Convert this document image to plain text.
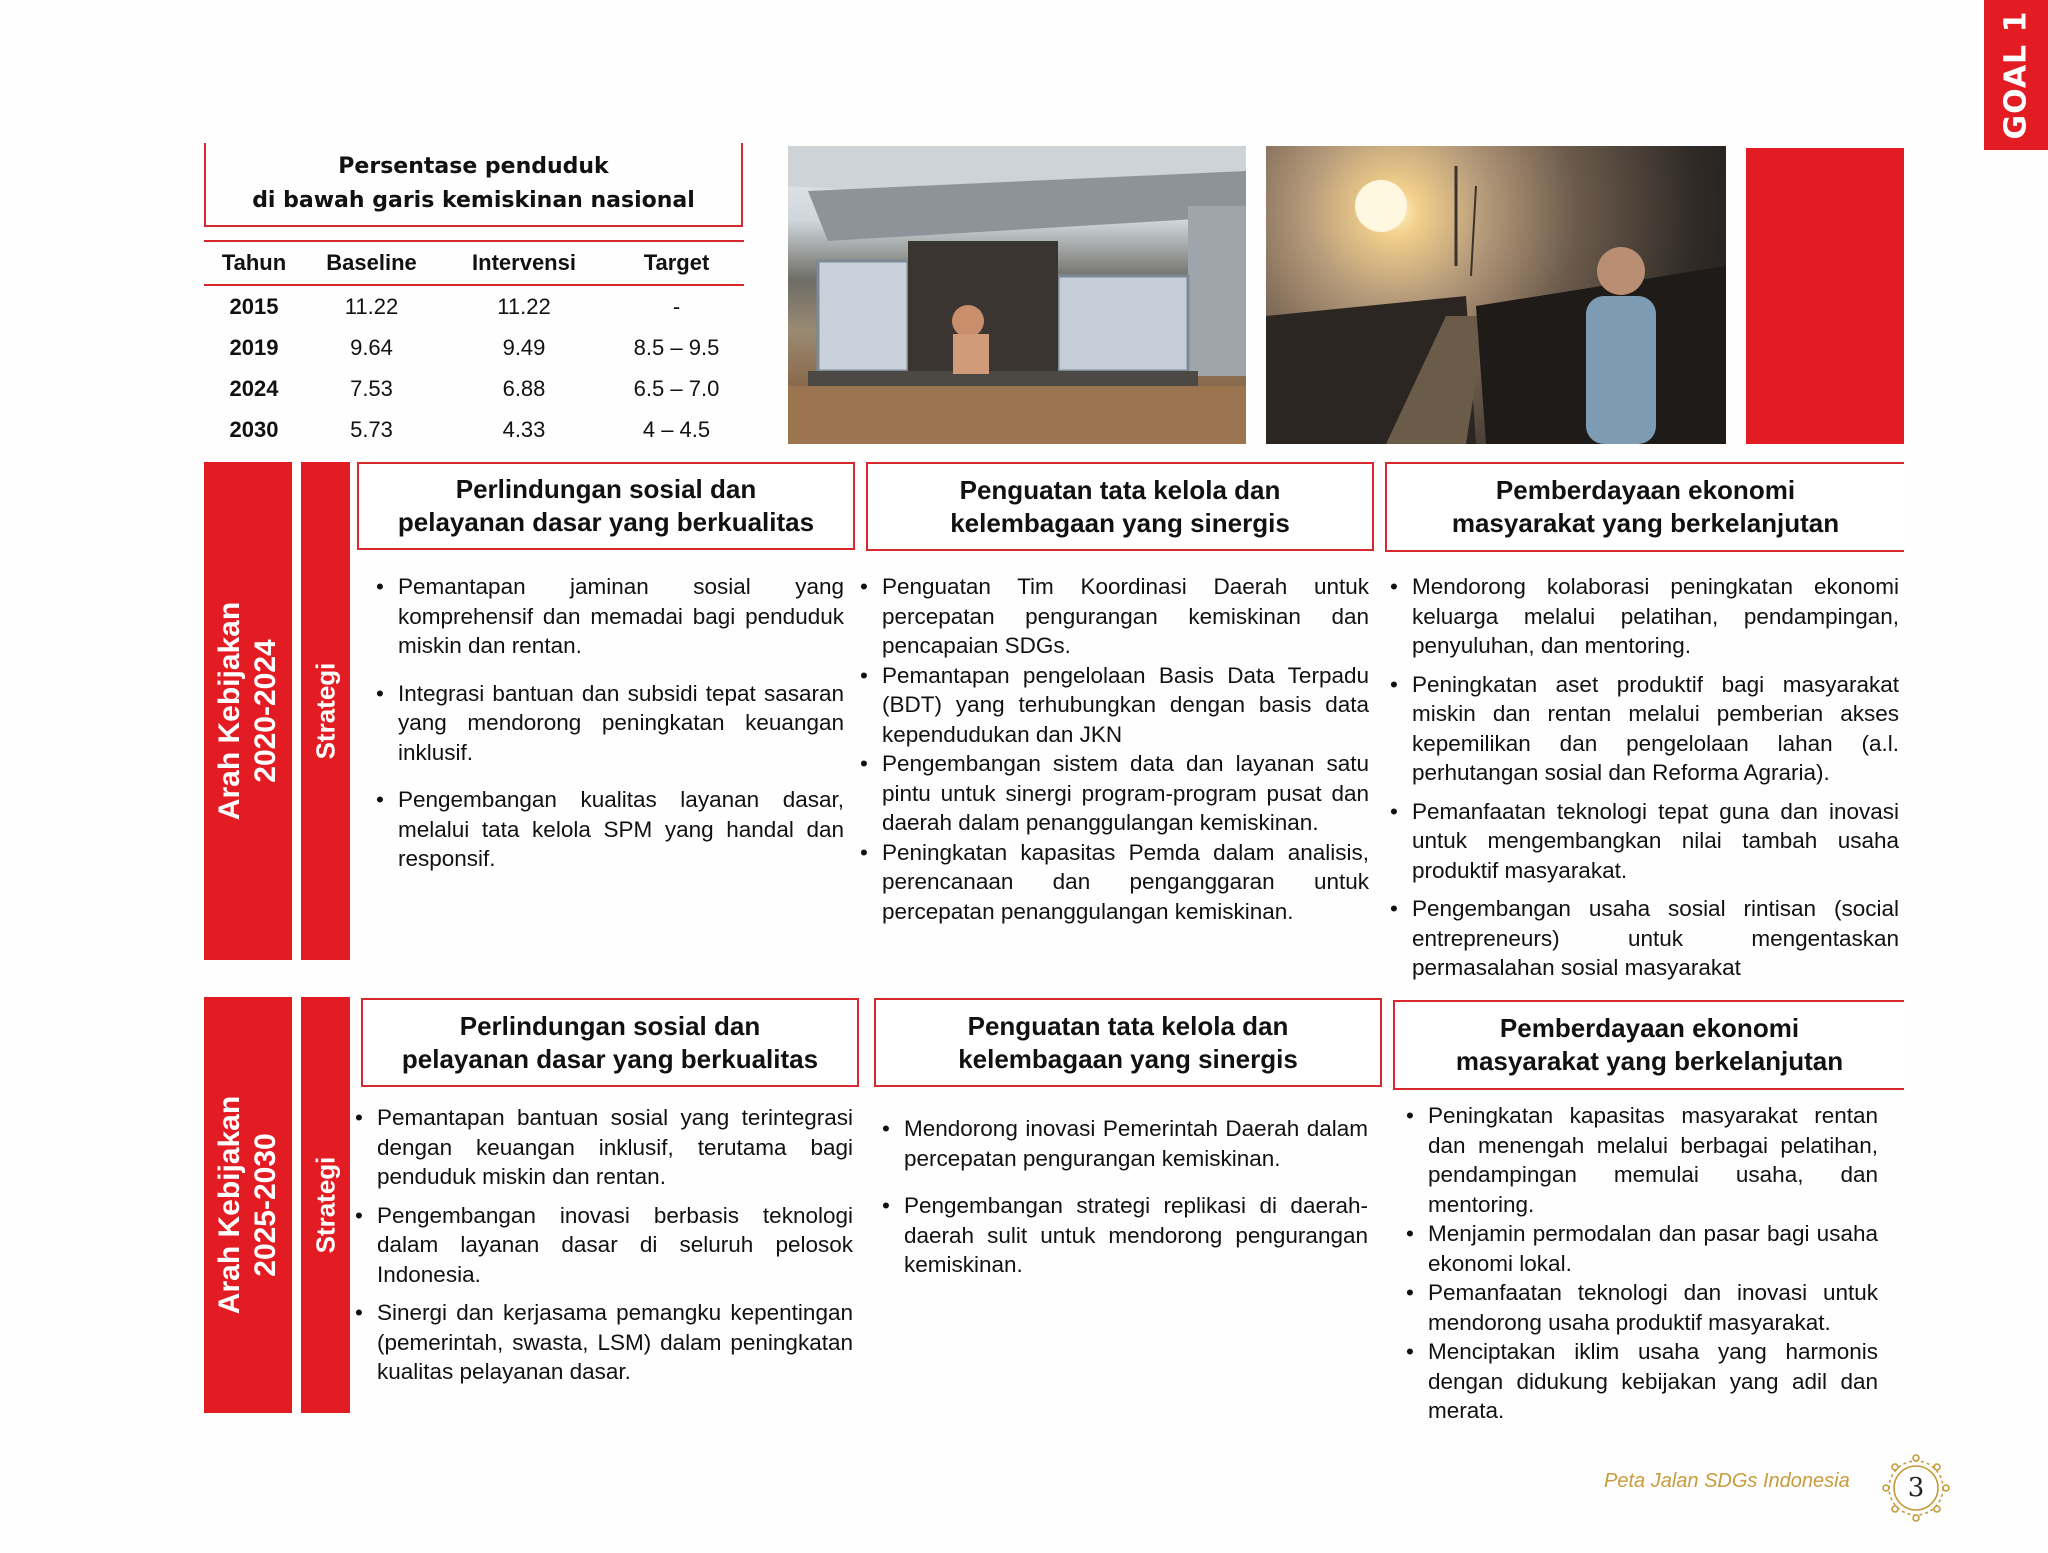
GOAL 1
Persentase penduduk
di bawah garis kemiskinan nasional
Tahun	Baseline	Intervensi	Target
2015	11.22	11.22	-
2019	9.64	9.49	8.5 – 9.5
2024	7.53	6.88	6.5 – 7.0
2030	5.73	4.33	4 – 4.5
Arah Kebijakan 2020-2024 Strategi
Perlindungan sosial dan
pelayanan dasar yang berkualitas
Penguatan tata kelola dan
kelembagaan yang sinergis
Pemberdayaan ekonomi
masyarakat yang berkelanjutan
• Pemantapan jaminan sosial yang komprehensif dan memadai bagi penduduk miskin dan rentan.
• Integrasi bantuan dan subsidi tepat sasaran yang mendorong peningkatan keuangan inklusif.
• Pengembangan kualitas layanan dasar, melalui tata kelola SPM yang handal dan responsif.
• Penguatan Tim Koordinasi Daerah untuk percepatan pengurangan kemiskinan dan pencapaian SDGs.
• Pemantapan pengelolaan Basis Data Terpadu (BDT) yang terhubungkan dengan basis data kependudukan dan JKN
• Pengembangan sistem data dan layanan satu pintu untuk sinergi program-program pusat dan daerah dalam penanggulangan kemiskinan.
• Peningkatan kapasitas Pemda dalam analisis, perencanaan dan penganggaran untuk percepatan penanggulangan kemiskinan.
• Mendorong kolaborasi peningkatan ekonomi keluarga melalui pelatihan, pendampingan, penyuluhan, dan mentoring.
• Peningkatan aset produktif bagi masyarakat miskin dan rentan melalui pemberian akses kepemilikan dan pengelolaan lahan (a.l. perhutangan sosial dan Reforma Agraria).
• Pemanfaatan teknologi tepat guna dan inovasi untuk mengembangkan nilai tambah usaha produktif masyarakat.
• Pengembangan usaha sosial rintisan (social entrepreneurs) untuk mengentaskan permasalahan sosial masyarakat
Arah Kebijakan 2025-2030 Strategi
Perlindungan sosial dan
pelayanan dasar yang berkualitas
Penguatan tata kelola dan
kelembagaan yang sinergis
Pemberdayaan ekonomi
masyarakat yang berkelanjutan
• Pemantapan bantuan sosial yang terintegrasi dengan keuangan inklusif, terutama bagi penduduk miskin dan rentan.
• Pengembangan inovasi berbasis teknologi dalam layanan dasar di seluruh pelosok Indonesia.
• Sinergi dan kerjasama pemangku kepentingan (pemerintah, swasta, LSM) dalam peningkatan kualitas pelayanan dasar.
• Mendorong inovasi Pemerintah Daerah dalam percepatan pengurangan kemiskinan.
• Pengembangan strategi replikasi di daerah-daerah sulit untuk mendorong pengurangan kemiskinan.
• Peningkatan kapasitas masyarakat rentan dan menengah melalui berbagai pelatihan, pendampingan memulai usaha, dan mentoring.
• Menjamin permodalan dan pasar bagi usaha ekonomi lokal.
• Pemanfaatan teknologi dan inovasi untuk mendorong usaha produktif masyarakat.
• Menciptakan iklim usaha yang harmonis dengan didukung kebijakan yang adil dan merata.
Peta Jalan SDGs Indonesia	3
